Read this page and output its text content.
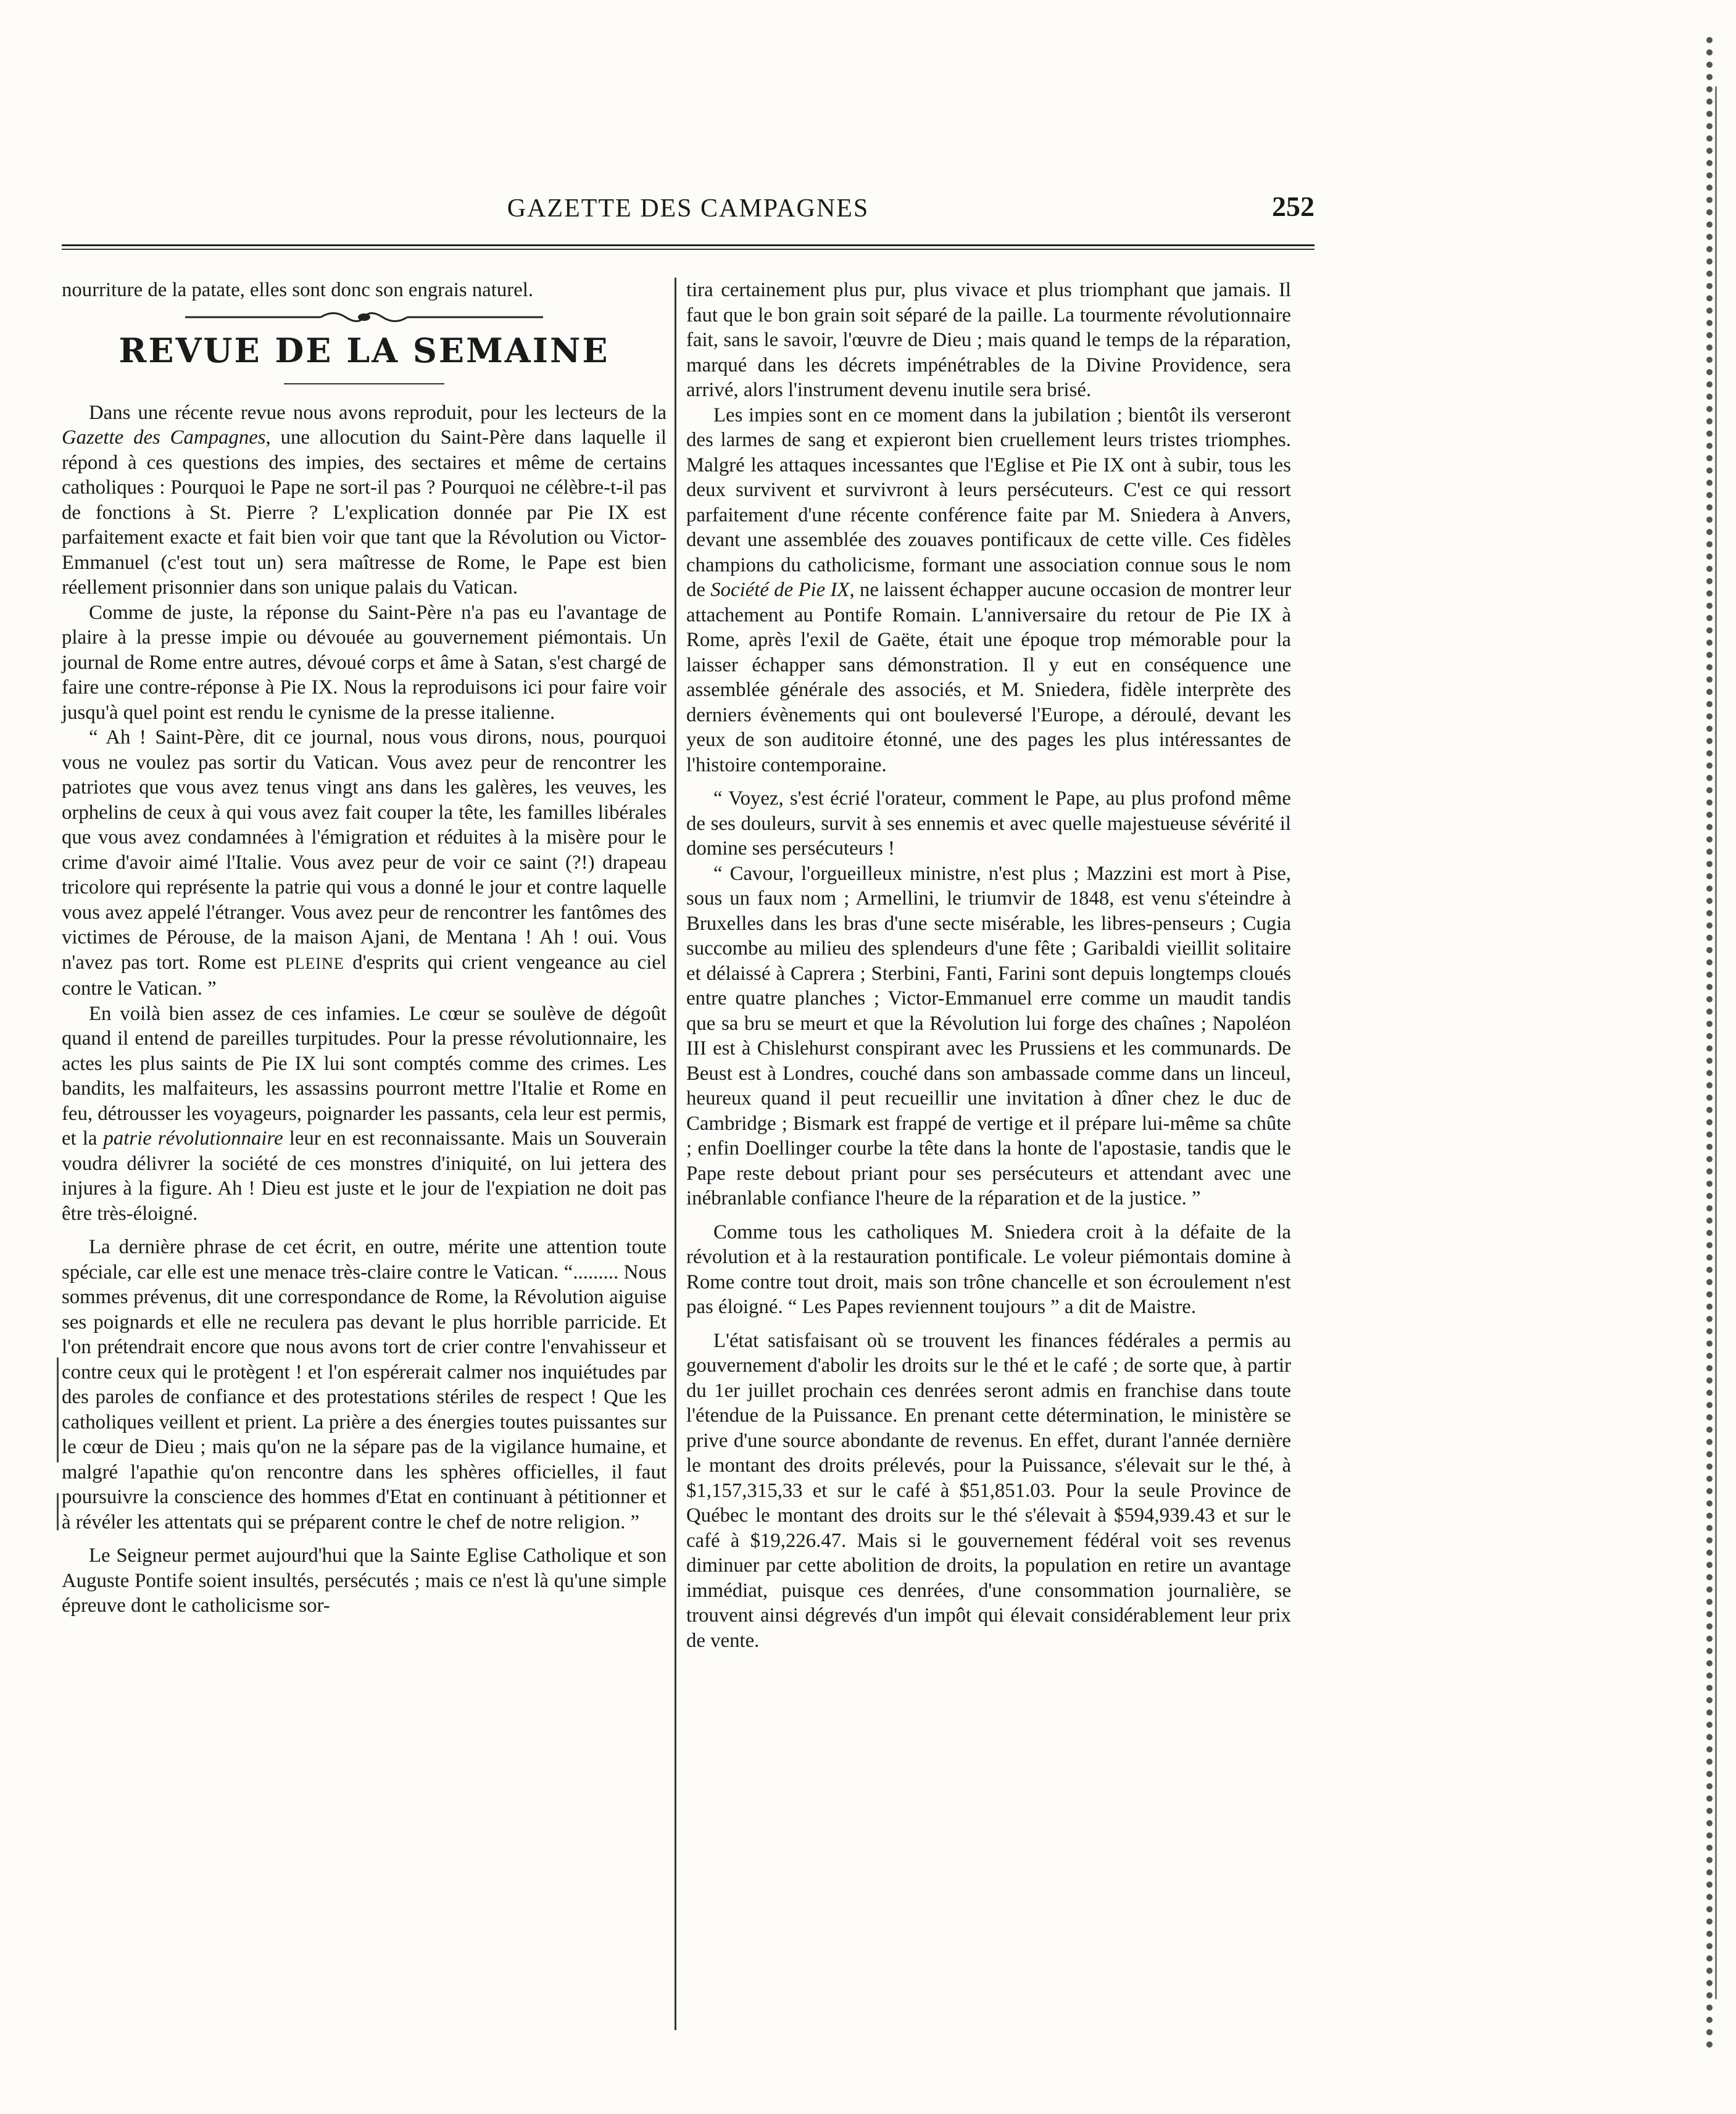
GAZETTE DES CAMPAGNES	252

nourriture de la patate, elles sont donc son engrais naturel.

REVUE DE LA SEMAINE

Dans une récente revue nous avons reproduit, pour les lecteurs de la Gazette des Campagnes, une allocution du Saint-Père dans laquelle il répond à ces questions des impies, des sectaires et même de certains catholiques : Pourquoi le Pape ne sort-il pas ? Pourquoi ne célèbre-t-il pas de fonctions à St. Pierre ? L'explication donnée par Pie IX est parfaitement exacte et fait bien voir que tant que la Révolution ou Victor-Emmanuel (c'est tout un) sera maîtresse de Rome, le Pape est bien réellement prisonnier dans son unique palais du Vatican.

Comme de juste, la réponse du Saint-Père n'a pas eu l'avantage de plaire à la presse impie ou dévouée au gouvernement piémontais. Un journal de Rome entre autres, dévoué corps et âme à Satan, s'est chargé de faire une contre-réponse à Pie IX. Nous la reproduisons ici pour faire voir jusqu'à quel point est rendu le cynisme de la presse italienne.

“ Ah ! Saint-Père, dit ce journal, nous vous dirons, nous, pourquoi vous ne voulez pas sortir du Vatican. Vous avez peur de rencontrer les patriotes que vous avez tenus vingt ans dans les galères, les veuves, les orphelins de ceux à qui vous avez fait couper la tête, les familles libérales que vous avez condamnées à l'émigration et réduites à la misère pour le crime d'avoir aimé l'Italie. Vous avez peur de voir ce saint (?!) drapeau tricolore qui représente la patrie qui vous a donné le jour et contre laquelle vous avez appelé l'étranger. Vous avez peur de rencontrer les fantômes des victimes de Pérouse, de la maison Ajani, de Mentana ! Ah ! oui. Vous n'avez pas tort. Rome est PLEINE d'esprits qui crient vengeance au ciel contre le Vatican. ”

En voilà bien assez de ces infamies. Le cœur se soulève de dégoût quand il entend de pareilles turpitudes. Pour la presse révolutionnaire, les actes les plus saints de Pie IX lui sont comptés comme des crimes. Les bandits, les malfaiteurs, les assassins pourront mettre l'Italie et Rome en feu, détrousser les voyageurs, poignarder les passants, cela leur est permis, et la patrie révolutionnaire leur en est reconnaissante. Mais un Souverain voudra délivrer la société de ces monstres d'iniquité, on lui jettera des injures à la figure. Ah ! Dieu est juste et le jour de l'expiation ne doit pas être très-éloigné.

La dernière phrase de cet écrit, en outre, mérite une attention toute spéciale, car elle est une menace très-claire contre le Vatican. “......... Nous sommes prévenus, dit une correspondance de Rome, la Révolution aiguise ses poignards et elle ne reculera pas devant le plus horrible parricide. Et l'on prétendrait encore que nous avons tort de crier contre l'envahisseur et contre ceux qui le protègent ! et l'on espérerait calmer nos inquiétudes par des paroles de confiance et des protestations stériles de respect ! Que les catholiques veillent et prient. La prière a des énergies toutes puissantes sur le cœur de Dieu ; mais qu'on ne la sépare pas de la vigilance humaine, et malgré l'apathie qu'on rencontre dans les sphères officielles, il faut poursuivre la conscience des hommes d'Etat en continuant à pétitionner et à révéler les attentats qui se préparent contre le chef de notre religion. ”

Le Seigneur permet aujourd'hui que la Sainte Eglise Catholique et son Auguste Pontife soient insultés, persécutés ; mais ce n'est là qu'une simple épreuve dont le catholicisme sor-

tira certainement plus pur, plus vivace et plus triomphant que jamais. Il faut que le bon grain soit séparé de la paille. La tourmente révolutionnaire fait, sans le savoir, l'œuvre de Dieu ; mais quand le temps de la réparation, marqué dans les décrets impénétrables de la Divine Providence, sera arrivé, alors l'instrument devenu inutile sera brisé.

Les impies sont en ce moment dans la jubilation ; bientôt ils verseront des larmes de sang et expieront bien cruellement leurs tristes triomphes. Malgré les attaques incessantes que l'Eglise et Pie IX ont à subir, tous les deux survivent et survivront à leurs persécuteurs. C'est ce qui ressort parfaitement d'une récente conférence faite par M. Sniedera à Anvers, devant une assemblée des zouaves pontificaux de cette ville. Ces fidèles champions du catholicisme, formant une association connue sous le nom de Société de Pie IX, ne laissent échapper aucune occasion de montrer leur attachement au Pontife Romain. L'anniversaire du retour de Pie IX à Rome, après l'exil de Gaëte, était une époque trop mémorable pour la laisser échapper sans démonstration. Il y eut en conséquence une assemblée générale des associés, et M. Sniedera, fidèle interprète des derniers évènements qui ont bouleversé l'Europe, a déroulé, devant les yeux de son auditoire étonné, une des pages les plus intéressantes de l'histoire contemporaine.

“ Voyez, s'est écrié l'orateur, comment le Pape, au plus profond même de ses douleurs, survit à ses ennemis et avec quelle majestueuse sévérité il domine ses persécuteurs !

“ Cavour, l'orgueilleux ministre, n'est plus ; Mazzini est mort à Pise, sous un faux nom ; Armellini, le triumvir de 1848, est venu s'éteindre à Bruxelles dans les bras d'une secte misérable, les libres-penseurs ; Cugia succombe au milieu des splendeurs d'une fête ; Garibaldi vieillit solitaire et délaissé à Caprera ; Sterbini, Fanti, Farini sont depuis longtemps cloués entre quatre planches ; Victor-Emmanuel erre comme un maudit tandis que sa bru se meurt et que la Révolution lui forge des chaînes ; Napoléon III est à Chislehurst conspirant avec les Prussiens et les communards. De Beust est à Londres, couché dans son ambassade comme dans un linceul, heureux quand il peut recueillir une invitation à dîner chez le duc de Cambridge ; Bismark est frappé de vertige et il prépare lui-même sa chûte ; enfin Doellinger courbe la tête dans la honte de l'apostasie, tandis que le Pape reste debout priant pour ses persécuteurs et attendant avec une inébranlable confiance l'heure de la réparation et de la justice. ”

Comme tous les catholiques M. Sniedera croit à la défaite de la révolution et à la restauration pontificale. Le voleur piémontais domine à Rome contre tout droit, mais son trône chancelle et son écroulement n'est pas éloigné. “ Les Papes reviennent toujours ” a dit de Maistre.

L'état satisfaisant où se trouvent les finances fédérales a permis au gouvernement d'abolir les droits sur le thé et le café ; de sorte que, à partir du 1er juillet prochain ces denrées seront admis en franchise dans toute l'étendue de la Puissance. En prenant cette détermination, le ministère se prive d'une source abondante de revenus. En effet, durant l'année dernière le montant des droits prélevés, pour la Puissance, s'élevait sur le thé, à $1,157,315,33 et sur le café à $51,851.03. Pour la seule Province de Québec le montant des droits sur le thé s'élevait à $594,939.43 et sur le café à $19,226.47. Mais si le gouvernement fédéral voit ses revenus diminuer par cette abolition de droits, la population en retire un avantage immédiat, puisque ces denrées, d'une consommation journalière, se trouvent ainsi dégrevés d'un impôt qui élevait considérablement leur prix de vente.
